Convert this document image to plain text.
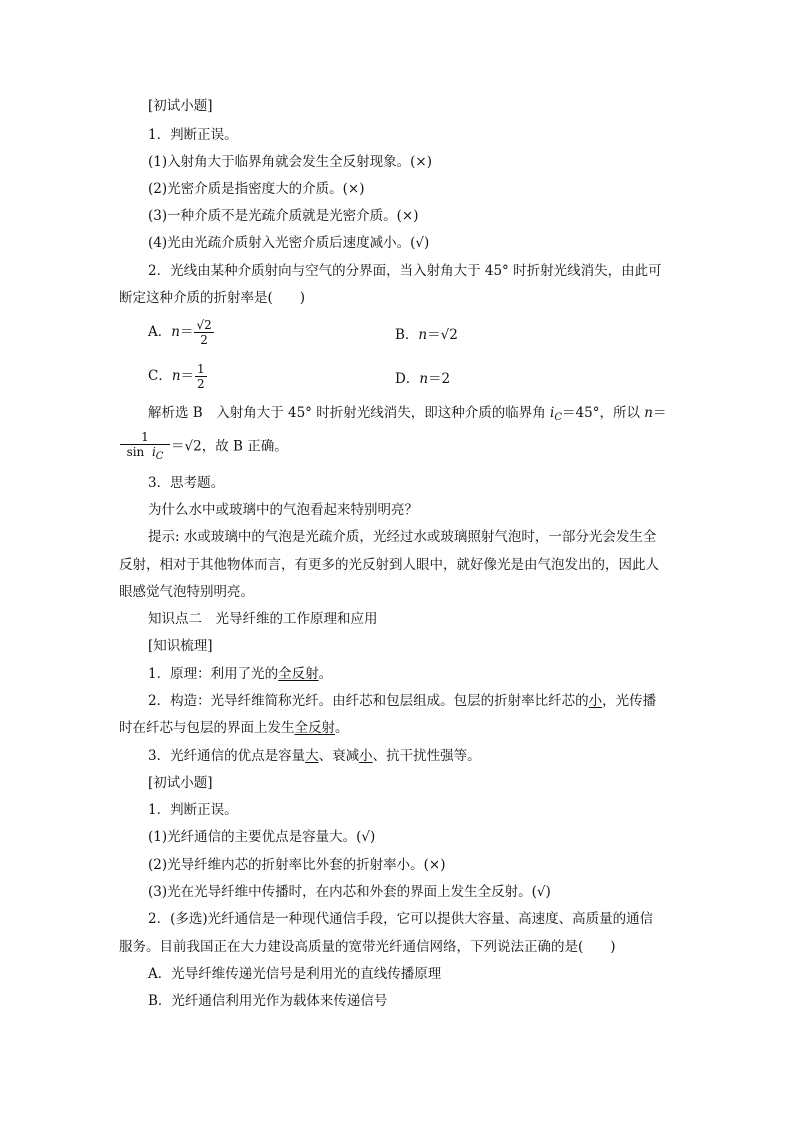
[初试小题]
1．判断正误。
(1)入射角大于临界角就会发生全反射现象。(×)
(2)光密介质是指密度大的介质。(×)
(3)一种介质不是光疏介质就是光密介质。(×)
(4)光由光疏介质射入光密介质后速度减小。(√)
2．光线由某种介质射向与空气的分界面，当入射角大于 45° 时折射光线消失，由此可
断定这种介质的折射率是(　　)
A．$n= \frac{√2}{2}$	B．n＝√2
C．$n= \frac{1}{2}$	D．n＝2
解析选 B　入射角大于 45° 时折射光线消失，即这种介质的临界角 $i_C=45^\circ$，所以 n＝
$\frac{1}{\sin i_C} =√2$，故 B 正确。
3．思考题。
为什么水中或玻璃中的气泡看起来特别明亮？
提示: 水或玻璃中的气泡是光疏介质，光经过水或玻璃照射气泡时，一部分光会发生全
反射，相对于其他物体而言，有更多的光反射到人眼中，就好像光是由气泡发出的，因此人
眼感觉气泡特别明亮。
知识点二　光导纤维的工作原理和应用
[知识梳理]
1．原理：利用了光的全反射。
2．构造：光导纤维简称光纤。由纤芯和包层组成。包层的折射率比纤芯的小，光传播
时在纤芯与包层的界面上发生全反射。
3．光纤通信的优点是容量大、衰减小、抗干扰性强等。
[初试小题]
1．判断正误。
(1)光纤通信的主要优点是容量大。(√)
(2)光导纤维内芯的折射率比外套的折射率小。(×)
(3)光在光导纤维中传播时，在内芯和外套的界面上发生全反射。(√)
2．(多选)光纤通信是一种现代通信手段，它可以提供大容量、高速度、高质量的通信
服务。目前我国正在大力建设高质量的宽带光纤通信网络，下列说法正确的是(　　)
A．光导纤维传递光信号是利用光的直线传播原理
B．光纤通信利用光作为载体来传递信号
